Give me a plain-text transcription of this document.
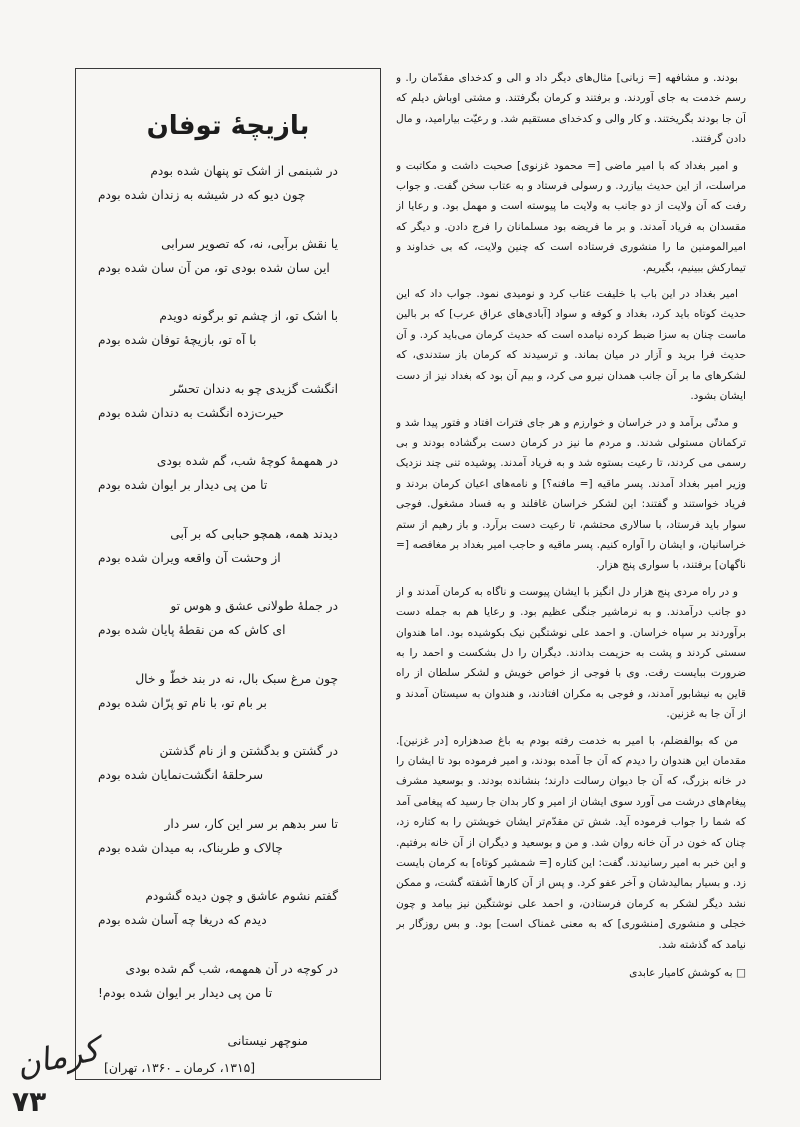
بودند. و مشافهه [= زبانی] مثال‌های دیگر داد و الی و کدخدای مقدّمان را. و رسم خدمت به جای آوردند. و برفتند و کرمان بگرفتند. و مشتی اوباش دیلم که آن جا بودند بگریختند. و کار والی و کدخدای مستقیم شد. و رعیّت بیارامید، و مال دادن گرفتند.

و امیر بغداد که با امیر ماضی [= محمود غزنوی] صحبت داشت و مکاتبت و مراسلت، از این حدیث بیازرد. و رسولی فرستاد و به عتاب سخن گفت. و جواب رفت که آن ولایت از دو جانب به ولایت ما پیوسته است و مهمل بود. و رعایا از مقسدان به فریاد آمدند. و بر ما فریضه بود مسلمانان را فرج دادن. و دیگر که امیرالمومنین ما را منشوری فرستاده است که چنین ولایت، که بی خداوند و تیمارکش ببینیم، بگیریم.

امیر بغداد در این باب با خلیفت عتاب کرد و نومیدی نمود. جواب داد که این حدیث کوتاه باید کرد، بغداد و کوفه و سواد [آبادی‌های عراق عرب] که بر بالین ماست چنان به سزا ضبط کرده نیامده است که حدیث کرمان می‌باید کرد. و آن حدیث فرا برید و آزار در میان بماند. و ترسیدند که کرمان باز ستدندی، که لشکرهای ما بر آن جانب همدان نیرو می کرد، و بیم آن بود که بغداد نیز از دست ایشان بشود.

و مدتّی برآمد و در خراسان و خوارزم و هر جای فترات افتاد و فتور پیدا شد و ترکمانان مستولی شدند. و مردم ما نیز در کرمان دست برگشاده بودند و بی رسمی می کردند، تا رعیت بستوه شد و به فریاد آمدند. پوشیده تنی چند نزدیک وزیر امیر بغداد آمدند. پسر ماقیه [= مافنه؟] و نامه‌های اعیان کرمان بردند و فریاد خواستند و گفتند: این لشکر خراسان غافلند و به فساد مشغول. فوجی سوار باید فرستاد، با سالاری محتشم، تا رعیت دست برآرد. و باز رهیم از ستم خراسانیان، و ایشان را آواره کنیم. پسر ماقیه و حاجب امیر بغداد بر مغافصه [= ناگهان] برفتند، با سواری پنج هزار.

و در راه مردی پنج هزار دل انگیز با ایشان پیوست و ناگاه به کرمان آمدند و از دو جانب درآمدند. و به نرماشیر جنگی عظیم بود. و رعایا هم به جمله دست برآوردند بر سپاه خراسان. و احمد علی نوشتگین نیک بکوشیده بود. اما هندوان سستی کردند و پشت به حزیمت بدادند. دیگران را دل بشکست و احمد را به ضرورت ببایست رفت. وی با فوجی از خواص خویش و لشکر سلطان از راه قاین به نیشابور آمدند، و فوجی به مکران افتادند، و هندوان به سیستان آمدند و از آن جا به غزنین.

من که بوالفضلم، با امیر به خدمت رفته بودم به باغ صدهزاره [در غزنین]. مقدمان این هندوان را دیدم که آن جا آمده بودند، و امیر فرموده بود تا ایشان را در خانه بزرگ، که آن جا دیوان رسالت دارند؛ بنشانده بودند. و بوسعید مشرف پیغام‌های درشت می آورد سوی ایشان از امیر و کار بدان جا رسید که پیغامی آمد که شما را جواب فرموده آید. شش تن مقدّم‌تر ایشان خویشتن را به کتاره زد، چنان که خون در آن خانه روان شد. و من و بوسعید و دیگران از آن خانه برفتیم. و این خبر به امیر رسانیدند. گفت: این کتاره [= شمشیر کوتاه] به کرمان بایست زد. و بسیار بمالیدشان و آخر عفو کرد. و پس از آن کارها آشفته گشت، و ممکن نشد دیگر لشکر به کرمان فرستادن، و احمد علی نوشتگین نیز بیامد و چون خجلی و منشوری [منشوری] که به معنی غمناک است] بود. و بس روزگار بر نیامد که گذشته شد.

□ به کوشش کامیار عابدی

بازیچهٔ توفان
در شبنمی از اشک تو پنهان شده بودم
چون دیو که در شیشه به زندان شده بودم
یا نقش برآبی، نه، که تصویر سرابی
این سان شده بودی تو، من آن سان شده بودم
با اشک تو، از چشم تو برگونه دویدم
با آه تو، بازیچهٔ توفان شده بودم
انگشت گزیدی چو به دندان تحسّر
حیرت‌زده انگشت به دندان شده بودم
در همهمهٔ کوچهٔ شب، گم شده بودی
تا من پی دیدار بر ایوان شده بودم
دیدند همه، همچو حبابی که بر آبی
از وحشت آن واقعه ویران شده بودم
در جملهٔ طولانی عشق و هوس تو
ای کاش که من نقطهٔ پایان شده بودم
چون مرغ سبک بال، نه در بند خطّ و خال
بر بام تو، با نام تو پرّان شده بودم
در گشتن و بدگشتن و از نام گذشتن
سرحلقهٔ انگشت‌نمایان شده بودم
تا سر بدهم بر سر این کار، سر دار
چالاک و طربناک، به میدان شده بودم
گفتم نشوم عاشق و چون دیده گشودم
دیدم که دریغا چه آسان شده بودم
در کوچه در آن همهمه، شب گم شده بودی
تا من پی دیدار بر ایوان شده بودم!
منوچهر نیستانی
[۱۳۱۵، کرمان ـ ۱۳۶۰، تهران]
کرمان
۷۳
